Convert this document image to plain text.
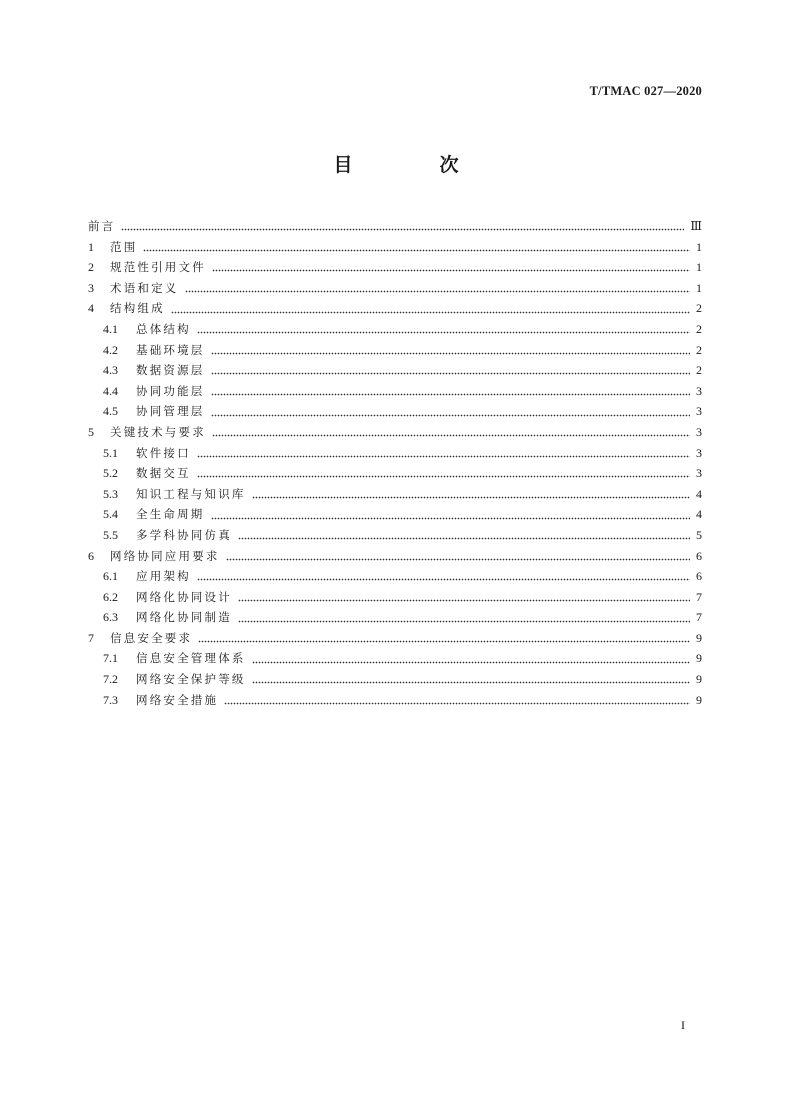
T/TMAC 027—2020
目　次
前言	Ⅲ
1	范围	1
2	规范性引用文件	1
3	术语和定义	1
4	结构组成	2
4.1	总体结构	2
4.2	基础环境层	2
4.3	数据资源层	2
4.4	协同功能层	3
4.5	协同管理层	3
5	关键技术与要求	3
5.1	软件接口	3
5.2	数据交互	3
5.3	知识工程与知识库	4
5.4	全生命周期	4
5.5	多学科协同仿真	5
6	网络协同应用要求	6
6.1	应用架构	6
6.2	网络化协同设计	7
6.3	网络化协同制造	7
7	信息安全要求	9
7.1	信息安全管理体系	9
7.2	网络安全保护等级	9
7.3	网络安全措施	9
I
